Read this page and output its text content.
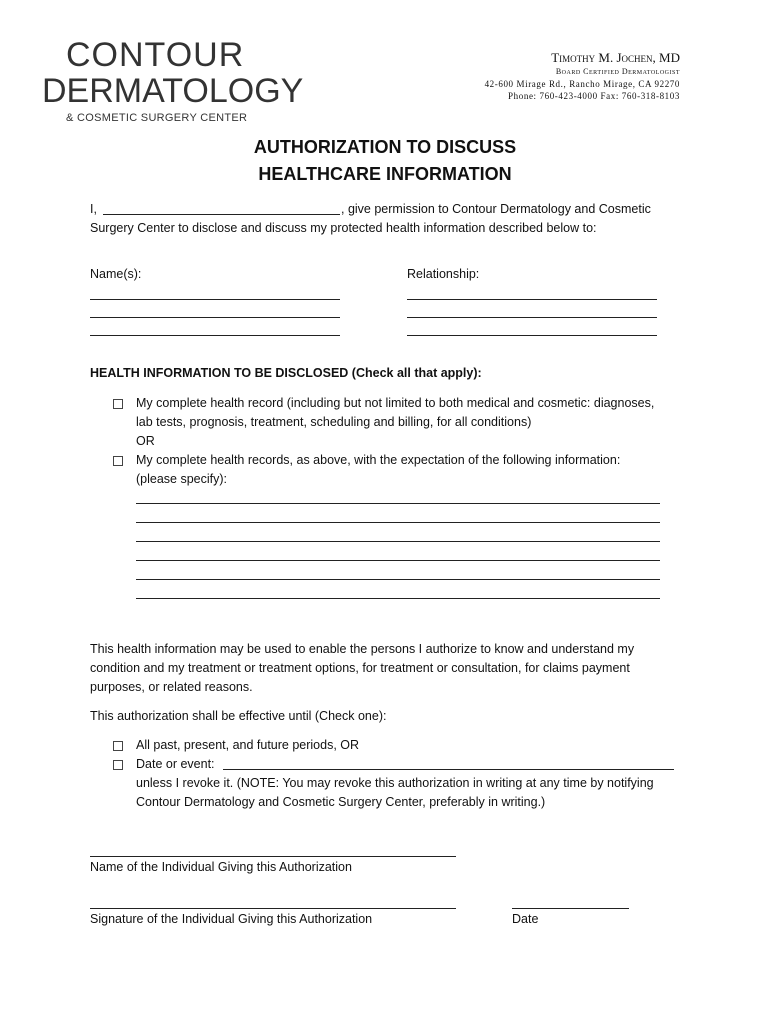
CONTOUR
DERMATOLOGY
& COSMETIC SURGERY CENTER
Timothy M. Jochen, MD
Board Certified Dermatologist
42-600 Mirage Rd., Rancho Mirage, CA 92270
Phone: 760-423-4000 Fax: 760-318-8103
AUTHORIZATION TO DISCUSS
HEALTHCARE INFORMATION
I,	, give permission to Contour Dermatology and Cosmetic
Surgery Center to disclose and discuss my protected health information described below to:
Name(s):	Relationship:
HEALTH INFORMATION TO BE DISCLOSED (Check all that apply):
My complete health record (including but not limited to both medical and cosmetic: diagnoses,
lab tests, prognosis, treatment, scheduling and billing, for all conditions)
OR
My complete health records, as above, with the expectation of the following information:
(please specify):
This health information may be used to enable the persons I authorize to know and understand my
condition and my treatment or treatment options, for treatment or consultation, for claims payment
purposes, or related reasons.
This authorization shall be effective until (Check one):
All past, present, and future periods, OR
Date or event:
unless I revoke it. (NOTE: You may revoke this authorization in writing at any time by notifying
Contour Dermatology and Cosmetic Surgery Center, preferably in writing.)
Name of the Individual Giving this Authorization
Signature of the Individual Giving this Authorization	Date
